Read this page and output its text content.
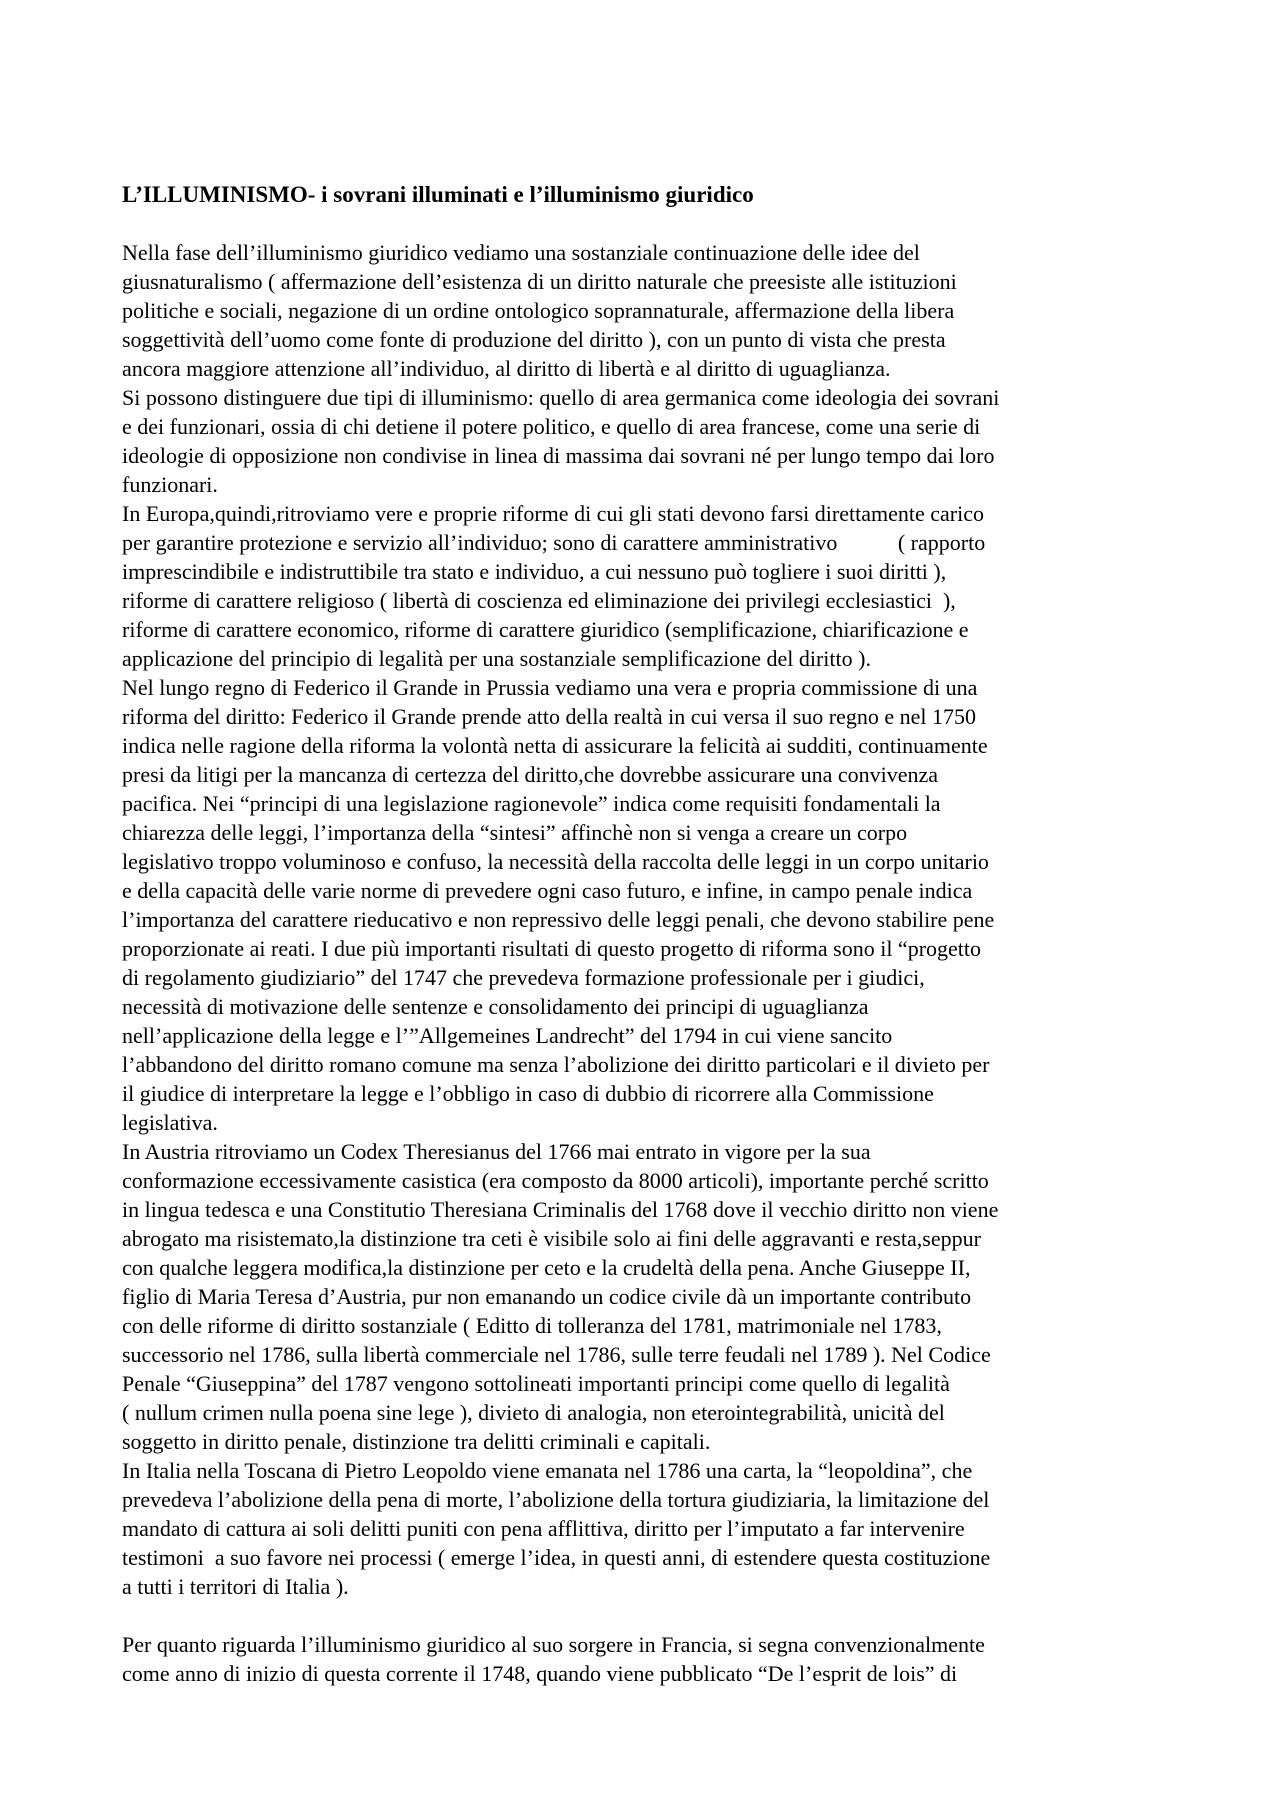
L’ILLUMINISMO- i sovrani illuminati e l’illuminismo giuridico
Nella fase dell’illuminismo giuridico vediamo una sostanziale continuazione delle idee del
giusnaturalismo ( affermazione dell’esistenza di un diritto naturale che preesiste alle istituzioni
politiche e sociali, negazione di un ordine ontologico soprannaturale, affermazione della libera
soggettività dell’uomo come fonte di produzione del diritto ), con un punto di vista che presta
ancora maggiore attenzione all’individuo, al diritto di libertà e al diritto di uguaglianza.
Si possono distinguere due tipi di illuminismo: quello di area germanica come ideologia dei sovrani
e dei funzionari, ossia di chi detiene il potere politico, e quello di area francese, come una serie di
ideologie di opposizione non condivise in linea di massima dai sovrani né per lungo tempo dai loro
funzionari.
In Europa,quindi,ritroviamo vere e proprie riforme di cui gli stati devono farsi direttamente carico
per garantire protezione e servizio all’individuo; sono di carattere amministrativo           ( rapporto
imprescindibile e indistruttibile tra stato e individuo, a cui nessuno può togliere i suoi diritti ),
riforme di carattere religioso ( libertà di coscienza ed eliminazione dei privilegi ecclesiastici  ),
riforme di carattere economico, riforme di carattere giuridico (semplificazione, chiarificazione e
applicazione del principio di legalità per una sostanziale semplificazione del diritto ).
Nel lungo regno di Federico il Grande in Prussia vediamo una vera e propria commissione di una
riforma del diritto: Federico il Grande prende atto della realtà in cui versa il suo regno e nel 1750
indica nelle ragione della riforma la volontà netta di assicurare la felicità ai sudditi, continuamente
presi da litigi per la mancanza di certezza del diritto,che dovrebbe assicurare una convivenza
pacifica. Nei “principi di una legislazione ragionevole” indica come requisiti fondamentali la
chiarezza delle leggi, l’importanza della “sintesi” affinchè non si venga a creare un corpo
legislativo troppo voluminoso e confuso, la necessità della raccolta delle leggi in un corpo unitario
e della capacità delle varie norme di prevedere ogni caso futuro, e infine, in campo penale indica
l’importanza del carattere rieducativo e non repressivo delle leggi penali, che devono stabilire pene
proporzionate ai reati. I due più importanti risultati di questo progetto di riforma sono il “progetto
di regolamento giudiziario” del 1747 che prevedeva formazione professionale per i giudici,
necessità di motivazione delle sentenze e consolidamento dei principi di uguaglianza
nell’applicazione della legge e l’”Allgemeines Landrecht” del 1794 in cui viene sancito
l’abbandono del diritto romano comune ma senza l’abolizione dei diritto particolari e il divieto per
il giudice di interpretare la legge e l’obbligo in caso di dubbio di ricorrere alla Commissione
legislativa.
In Austria ritroviamo un Codex Theresianus del 1766 mai entrato in vigore per la sua
conformazione eccessivamente casistica (era composto da 8000 articoli), importante perché scritto
in lingua tedesca e una Constitutio Theresiana Criminalis del 1768 dove il vecchio diritto non viene
abrogato ma risistemato,la distinzione tra ceti è visibile solo ai fini delle aggravanti e resta,seppur
con qualche leggera modifica,la distinzione per ceto e la crudeltà della pena. Anche Giuseppe II,
figlio di Maria Teresa d’Austria, pur non emanando un codice civile dà un importante contributo
con delle riforme di diritto sostanziale ( Editto di tolleranza del 1781, matrimoniale nel 1783,
successorio nel 1786, sulla libertà commerciale nel 1786, sulle terre feudali nel 1789 ). Nel Codice
Penale “Giuseppina” del 1787 vengono sottolineati importanti principi come quello di legalità
( nullum crimen nulla poena sine lege ), divieto di analogia, non eterointegrabilità, unicità del
soggetto in diritto penale, distinzione tra delitti criminali e capitali.
In Italia nella Toscana di Pietro Leopoldo viene emanata nel 1786 una carta, la “leopoldina”, che
prevedeva l’abolizione della pena di morte, l’abolizione della tortura giudiziaria, la limitazione del
mandato di cattura ai soli delitti puniti con pena afflittiva, diritto per l’imputato a far intervenire
testimoni  a suo favore nei processi ( emerge l’idea, in questi anni, di estendere questa costituzione
a tutti i territori di Italia ).
Per quanto riguarda l’illuminismo giuridico al suo sorgere in Francia, si segna convenzionalmente
come anno di inizio di questa corrente il 1748, quando viene pubblicato “De l’esprit de lois” di
